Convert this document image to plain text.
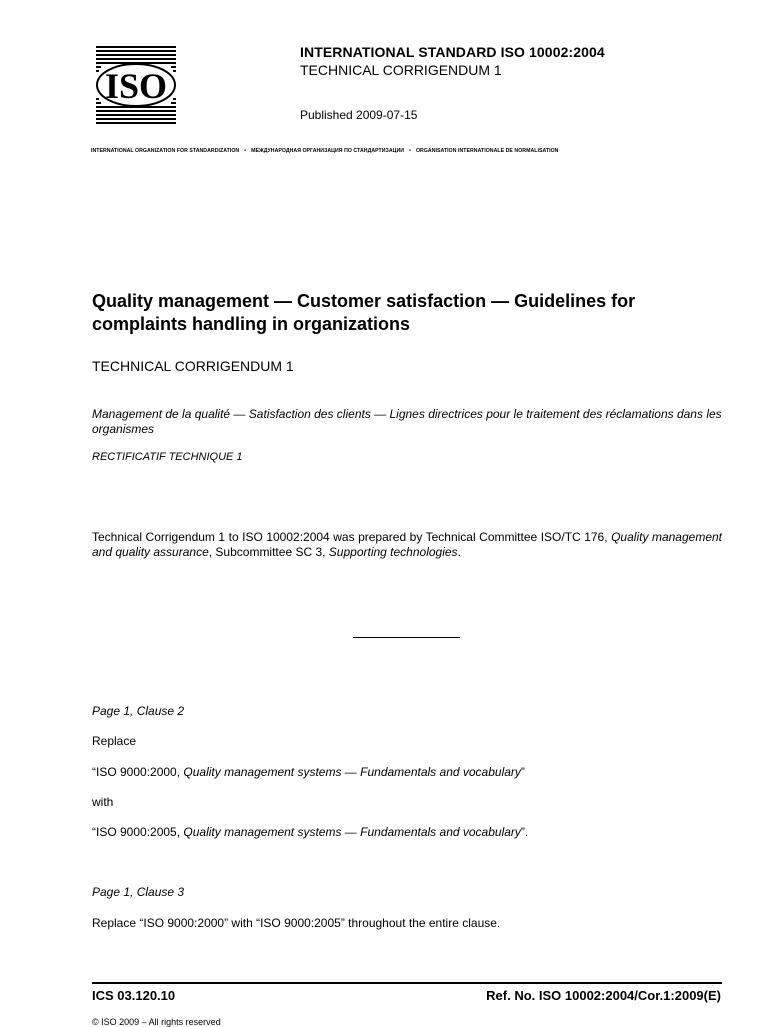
ISO
INTERNATIONAL STANDARD ISO 10002:2004
TECHNICAL CORRIGENDUM 1
Published 2009-07-15
INTERNATIONAL ORGANIZATION FOR STANDARDIZATION • МЕЖДУНАРОДНАЯ ОРГАНИЗАЦИЯ ПО СТАНДАРТИЗАЦИИ • ORGANISATION INTERNATIONALE DE NORMALISATION
Quality management — Customer satisfaction — Guidelines for complaints handling in organizations
TECHNICAL CORRIGENDUM 1
Management de la qualité — Satisfaction des clients — Lignes directrices pour le traitement des réclamations dans les organismes
RECTIFICATIF TECHNIQUE 1
Technical Corrigendum 1 to ISO 10002:2004 was prepared by Technical Committee ISO/TC 176, Quality management and quality assurance, Subcommittee SC 3, Supporting technologies.
Page 1, Clause 2
Replace
“ISO 9000:2000, Quality management systems — Fundamentals and vocabulary”
with
“ISO 9000:2005, Quality management systems — Fundamentals and vocabulary”.
Page 1, Clause 3
Replace “ISO 9000:2000” with “ISO 9000:2005” throughout the entire clause.
ICS 03.120.10	Ref. No. ISO 10002:2004/Cor.1:2009(E)
© ISO 2009 – All rights reserved
